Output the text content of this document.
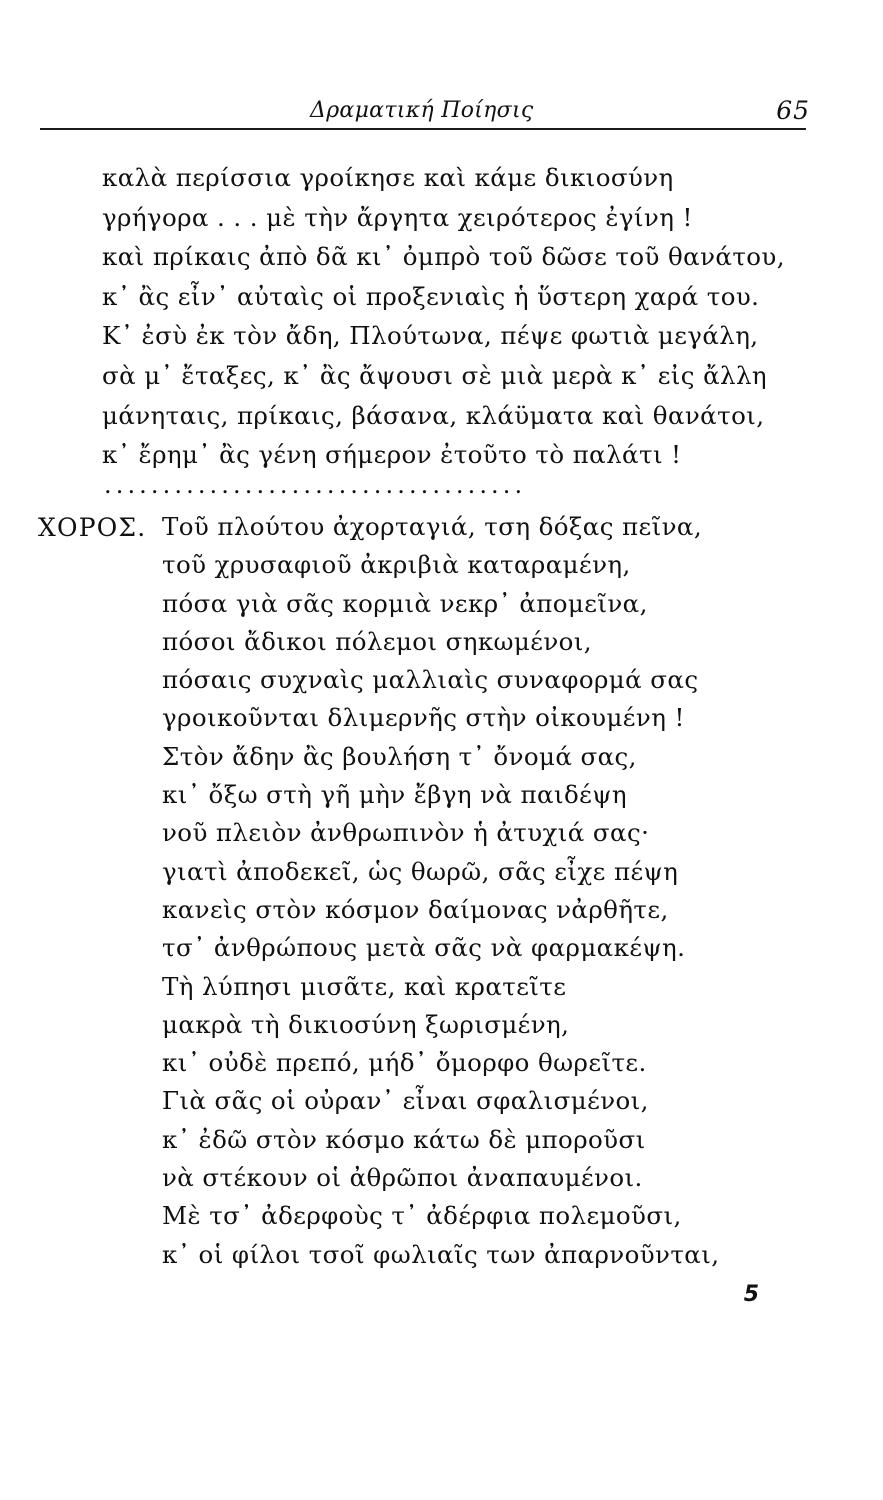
Δραματική Ποίησις	65
καλὰ περίσσια γροίκησε καὶ κάμε δικιοσύνη
γρήγορα . . . μὲ τὴν ἄργητα χειρότερος ἐγίνη !
καὶ πρίκαις ἀπὸ δᾶ κι᾿ ὀμπρὸ τοῦ δῶσε τοῦ θανάτου,
κ᾿ ἂς εἶν᾿ αὐταὶς οἱ προξενιαὶς ἡ ὕστερη χαρά του.
Κ᾿ ἐσὺ ἐκ τὸν ἄδη, Πλούτωνα, πέψε φωτιὰ μεγάλη,
σὰ μ᾿ ἔταξες, κ᾿ ἂς ἄψουσι σὲ μιὰ μερὰ κ᾿ εἰς ἄλλη
μάνηταις, πρίκαις, βάσανα, κλάϋματα καὶ θανάτοι,
κ᾿ ἔρημ᾿ ἂς γένη σήμερον ἐτοῦτο τὸ παλάτι !
....................................
ΧΟΡΟΣ. Τοῦ πλούτου ἀχορταγιά, τση δόξας πεῖνα,
τοῦ χρυσαφιοῦ ἀκριβιὰ καταραμένη,
πόσα γιὰ σᾶς κορμιὰ νεκρ᾿ ἀπομεῖνα,
πόσοι ἄδικοι πόλεμοι σηκωμένοι,
πόσαις συχναὶς μαλλιαὶς συναφορμά σας
γροικοῦνται δλιμερνῆς στὴν οἰκουμένη !
Στὸν ἄδην ἂς βουλήση τ᾿ ὄνομά σας,
κι᾿ ὄξω στὴ γῆ μὴν ἔβγη νὰ παιδέψη
νοῦ πλειὸν ἀνθρωπινὸν ἡ ἀτυχιά σας·
γιατὶ ἀποδεκεῖ, ὡς θωρῶ, σᾶς εἶχε πέψη
κανεὶς στὸν κόσμον δαίμονας νἀρθῆτε,
τσ᾿ ἀνθρώπους μετὰ σᾶς νὰ φαρμακέψη.
Τὴ λύπησι μισᾶτε, καὶ κρατεῖτε
μακρὰ τὴ δικιοσύνη ξωρισμένη,
κι᾿ οὐδὲ πρεπό, μήδ᾿ ὄμορφο θωρεῖτε.
Γιὰ σᾶς οἱ οὐραν᾿ εἶναι σφαλισμένοι,
κ᾿ ἐδῶ στὸν κόσμο κάτω δὲ μποροῦσι
νὰ στέκουν οἱ ἀθρῶποι ἀναπαυμένοι.
Μὲ τσ᾿ ἀδερφοὺς τ᾿ ἀδέρφια πολεμοῦσι,
κ᾿ οἱ φίλοι τσοῖ φωλιαῖς των ἀπαρνοῦνται,
5
